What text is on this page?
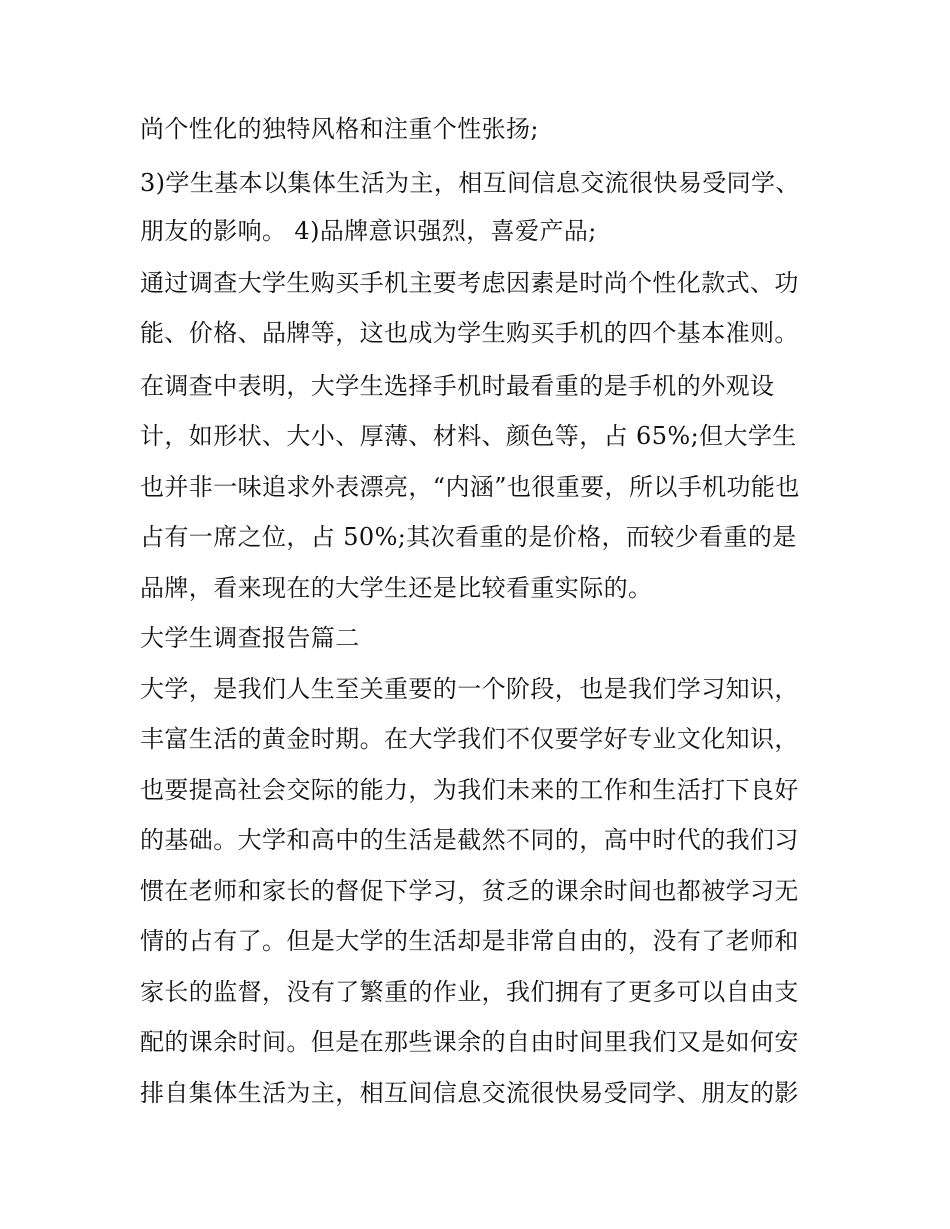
尚个性化的独特风格和注重个性张扬;
3)学生基本以集体生活为主，相互间信息交流很快易受同学、
朋友的影响。 4)品牌意识强烈，喜爱产品;
通过调查大学生购买手机主要考虑因素是时尚个性化款式、功
能、价格、品牌等，这也成为学生购买手机的四个基本准则。
在调查中表明，大学生选择手机时最看重的是手机的外观设
计，如形状、大小、厚薄、材料、颜色等，占 65%;但大学生
也并非一味追求外表漂亮，“内涵”也很重要，所以手机功能也
占有一席之位，占 50%;其次看重的是价格，而较少看重的是
品牌，看来现在的大学生还是比较看重实际的。
大学生调查报告篇二
大学，是我们人生至关重要的一个阶段，也是我们学习知识，
丰富生活的黄金时期。在大学我们不仅要学好专业文化知识，
也要提高社会交际的能力，为我们未来的工作和生活打下良好
的基础。大学和高中的生活是截然不同的，高中时代的我们习
惯在老师和家长的督促下学习，贫乏的课余时间也都被学习无
情的占有了。但是大学的生活却是非常自由的，没有了老师和
家长的监督，没有了繁重的作业，我们拥有了更多可以自由支
配的课余时间。但是在那些课余的自由时间里我们又是如何安
排自集体生活为主，相互间信息交流很快易受同学、朋友的影
